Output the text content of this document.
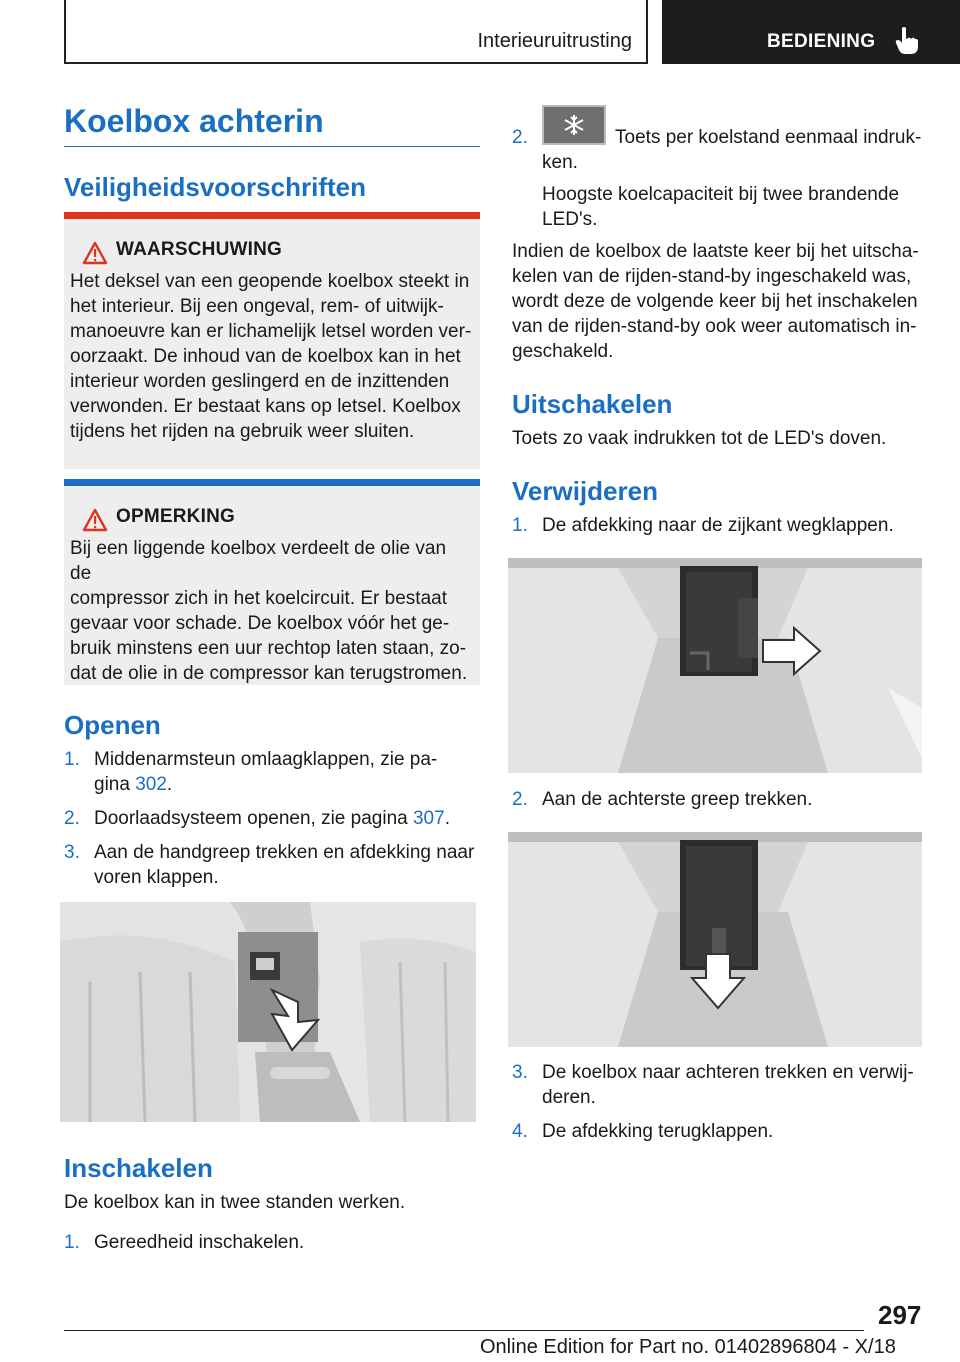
Interieuruitrusting	BEDIENING
Koelbox achterin
Veiligheidsvoorschriften
WAARSCHUWING
Het deksel van een geopende koelbox steekt in
het interieur. Bij een ongeval, rem- of uitwijk-
manoeuvre kan er lichamelijk letsel worden ver-
oorzaakt. De inhoud van de koelbox kan in het
interieur worden geslingerd en de inzittenden
verwonden. Er bestaat kans op letsel. Koelbox
tijdens het rijden na gebruik weer sluiten.
OPMERKING
Bij een liggende koelbox verdeelt de olie van de
compressor zich in het koelcircuit. Er bestaat
gevaar voor schade. De koelbox vóór het ge-
bruik minstens een uur rechtop laten staan, zo-
dat de olie in de compressor kan terugstromen.
Openen
1. Middenarmsteun omlaagklappen, zie pa-
gina 302.
2. Doorlaadsysteem openen, zie pagina 307.
3. Aan de handgreep trekken en afdekking naar
voren klappen.
Inschakelen
De koelbox kan in twee standen werken.
1. Gereedheid inschakelen.
2.	Toets per koelstand eenmaal indruk-
ken.
Hoogste koelcapaciteit bij twee brandende
LED's.
Indien de koelbox de laatste keer bij het uitscha-
kelen van de rijden-stand-by ingeschakeld was,
wordt deze de volgende keer bij het inschakelen
van de rijden-stand-by ook weer automatisch in-
geschakeld.
Uitschakelen
Toets zo vaak indrukken tot de LED's doven.
Verwijderen
1. De afdekking naar de zijkant wegklappen.
2. Aan de achterste greep trekken.
3. De koelbox naar achteren trekken en verwij-
deren.
4. De afdekking terugklappen.
297
Online Edition for Part no. 01402896804 - X/18
